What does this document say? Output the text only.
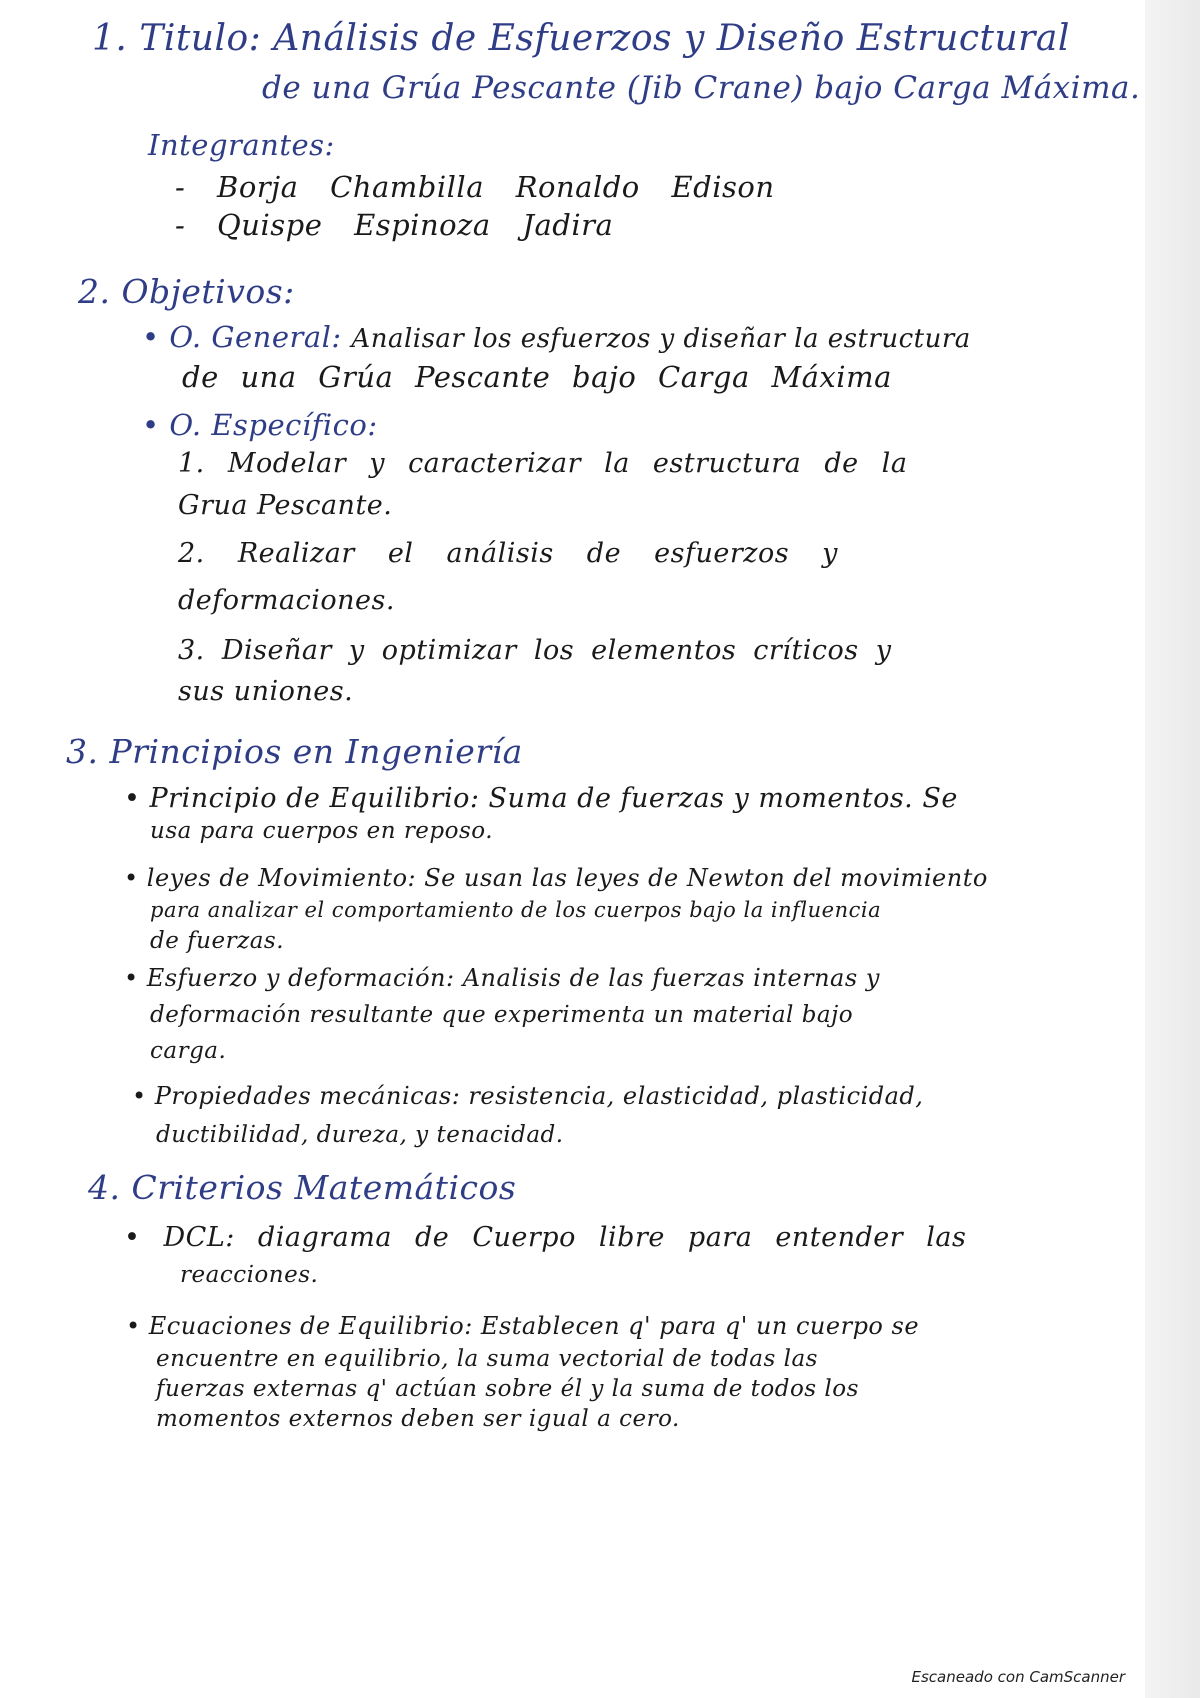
1. Titulo: Análisis de Esfuerzos y Diseño Estructural
de una Grúa Pescante (Jib Crane) bajo Carga Máxima.
Integrantes:
- Borja Chambilla Ronaldo Edison
- Quispe Espinoza Jadira
2. Objetivos:
• O. General: Analisar los esfuerzos y diseñar la estructura
de una Grúa Pescante bajo Carga Máxima
• O. Específico:
1. Modelar y caracterizar la estructura de la
Grua Pescante.
2. Realizar el análisis de esfuerzos y
deformaciones.
3. Diseñar y optimizar los elementos críticos y
sus uniones.
3. Principios en Ingeniería
• Principio de Equilibrio: Suma de fuerzas y momentos. Se
usa para cuerpos en reposo.
• leyes de Movimiento: Se usan las leyes de Newton del movimiento
para analizar el comportamiento de los cuerpos bajo la influencia
de fuerzas.
• Esfuerzo y deformación: Analisis de las fuerzas internas y
deformación resultante que experimenta un material bajo
carga.
• Propiedades mecánicas: resistencia, elasticidad, plasticidad,
ductibilidad, dureza, y tenacidad.
4. Criterios Matemáticos
• DCL: diagrama de Cuerpo libre para entender las
reacciones.
• Ecuaciones de Equilibrio: Establecen q' para q' un cuerpo se
encuentre en equilibrio, la suma vectorial de todas las
fuerzas externas q' actúan sobre él y la suma de todos los
momentos externos deben ser igual a cero.
Escaneado con CamScanner
